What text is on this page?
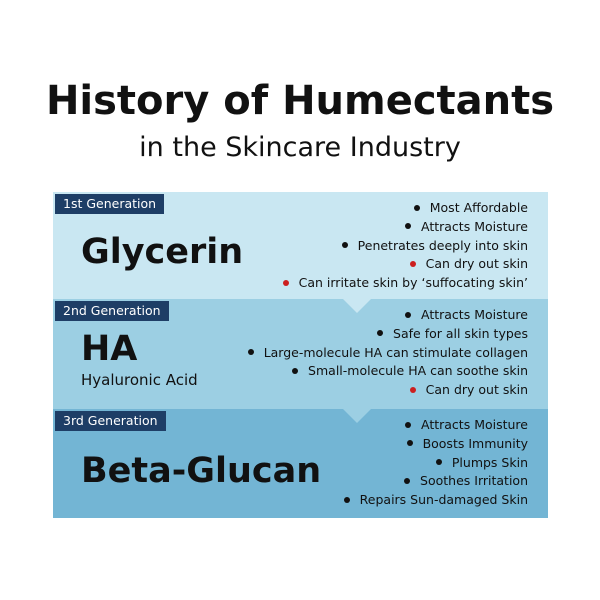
History of Humectants
in the Skincare Industry
1st Generation
Glycerin
Most Affordable
Attracts Moisture
Penetrates deeply into skin
Can dry out skin
Can irritate skin by ‘suffocating skin’
2nd Generation
HA
Hyaluronic Acid
Attracts Moisture
Safe for all skin types
Large-molecule HA can stimulate collagen
Small-molecule HA can soothe skin
Can dry out skin
3rd Generation
Beta-Glucan
Attracts Moisture
Boosts Immunity
Plumps Skin
Soothes Irritation
Repairs Sun-damaged Skin
